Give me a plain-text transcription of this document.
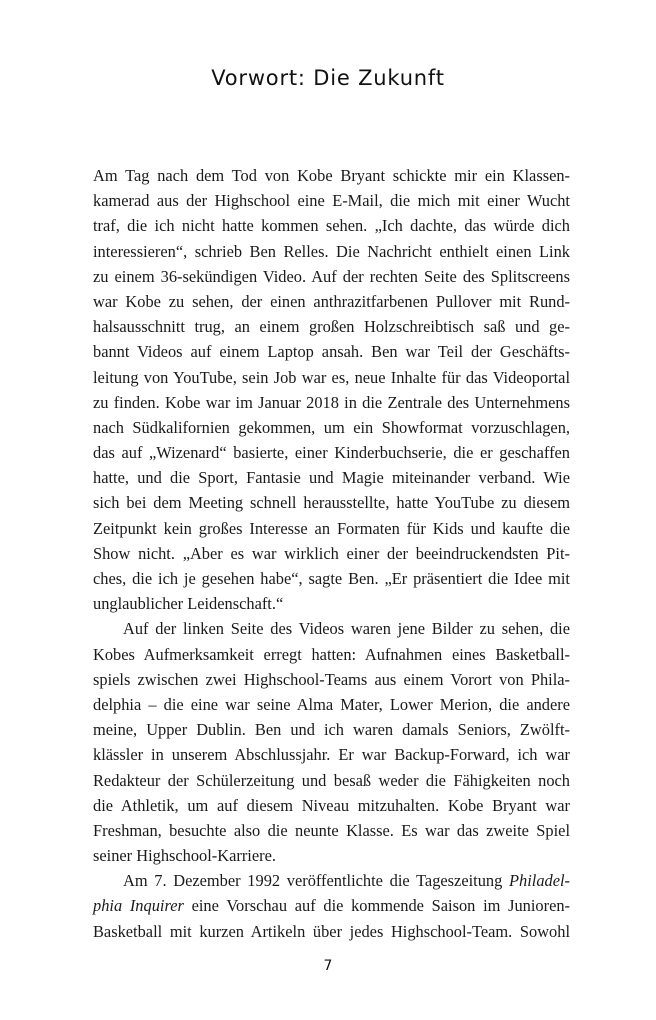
Vorwort: Die Zukunft
Am Tag nach dem Tod von Kobe Bryant schickte mir ein Klassen-
kamerad aus der Highschool eine E-Mail, die mich mit einer Wucht
traf, die ich nicht hatte kommen sehen. „Ich dachte, das würde dich
interessieren“, schrieb Ben Relles. Die Nachricht enthielt einen Link
zu einem 36-sekündigen Video. Auf der rechten Seite des Splitscreens
war Kobe zu sehen, der einen anthrazitfarbenen Pullover mit Rund-
halsausschnitt trug, an einem großen Holzschreibtisch saß und ge-
bannt Videos auf einem Laptop ansah. Ben war Teil der Geschäfts-
leitung von YouTube, sein Job war es, neue Inhalte für das Videoportal
zu finden. Kobe war im Januar 2018 in die Zentrale des Unternehmens
nach Südkalifornien gekommen, um ein Showformat vorzuschlagen,
das auf „Wizenard“ basierte, einer Kinderbuchserie, die er geschaffen
hatte, und die Sport, Fantasie und Magie miteinander verband. Wie
sich bei dem Meeting schnell herausstellte, hatte YouTube zu diesem
Zeitpunkt kein großes Interesse an Formaten für Kids und kaufte die
Show nicht. „Aber es war wirklich einer der beeindruckendsten Pit-
ches, die ich je gesehen habe“, sagte Ben. „Er präsentiert die Idee mit
unglaublicher Leidenschaft.“
Auf der linken Seite des Videos waren jene Bilder zu sehen, die
Kobes Aufmerksamkeit erregt hatten: Aufnahmen eines Basketball-
spiels zwischen zwei Highschool-Teams aus einem Vorort von Phila-
delphia – die eine war seine Alma Mater, Lower Merion, die andere
meine, Upper Dublin. Ben und ich waren damals Seniors, Zwölft-
klässler in unserem Abschlussjahr. Er war Backup-Forward, ich war
Redakteur der Schülerzeitung und besaß weder die Fähigkeiten noch
die Athletik, um auf diesem Niveau mitzuhalten. Kobe Bryant war
Freshman, besuchte also die neunte Klasse. Es war das zweite Spiel
seiner Highschool-Karriere.
Am 7. Dezember 1992 veröffentlichte die Tageszeitung Philadel-
phia Inquirer eine Vorschau auf die kommende Saison im Junioren-
Basketball mit kurzen Artikeln über jedes Highschool-Team. Sowohl
7
